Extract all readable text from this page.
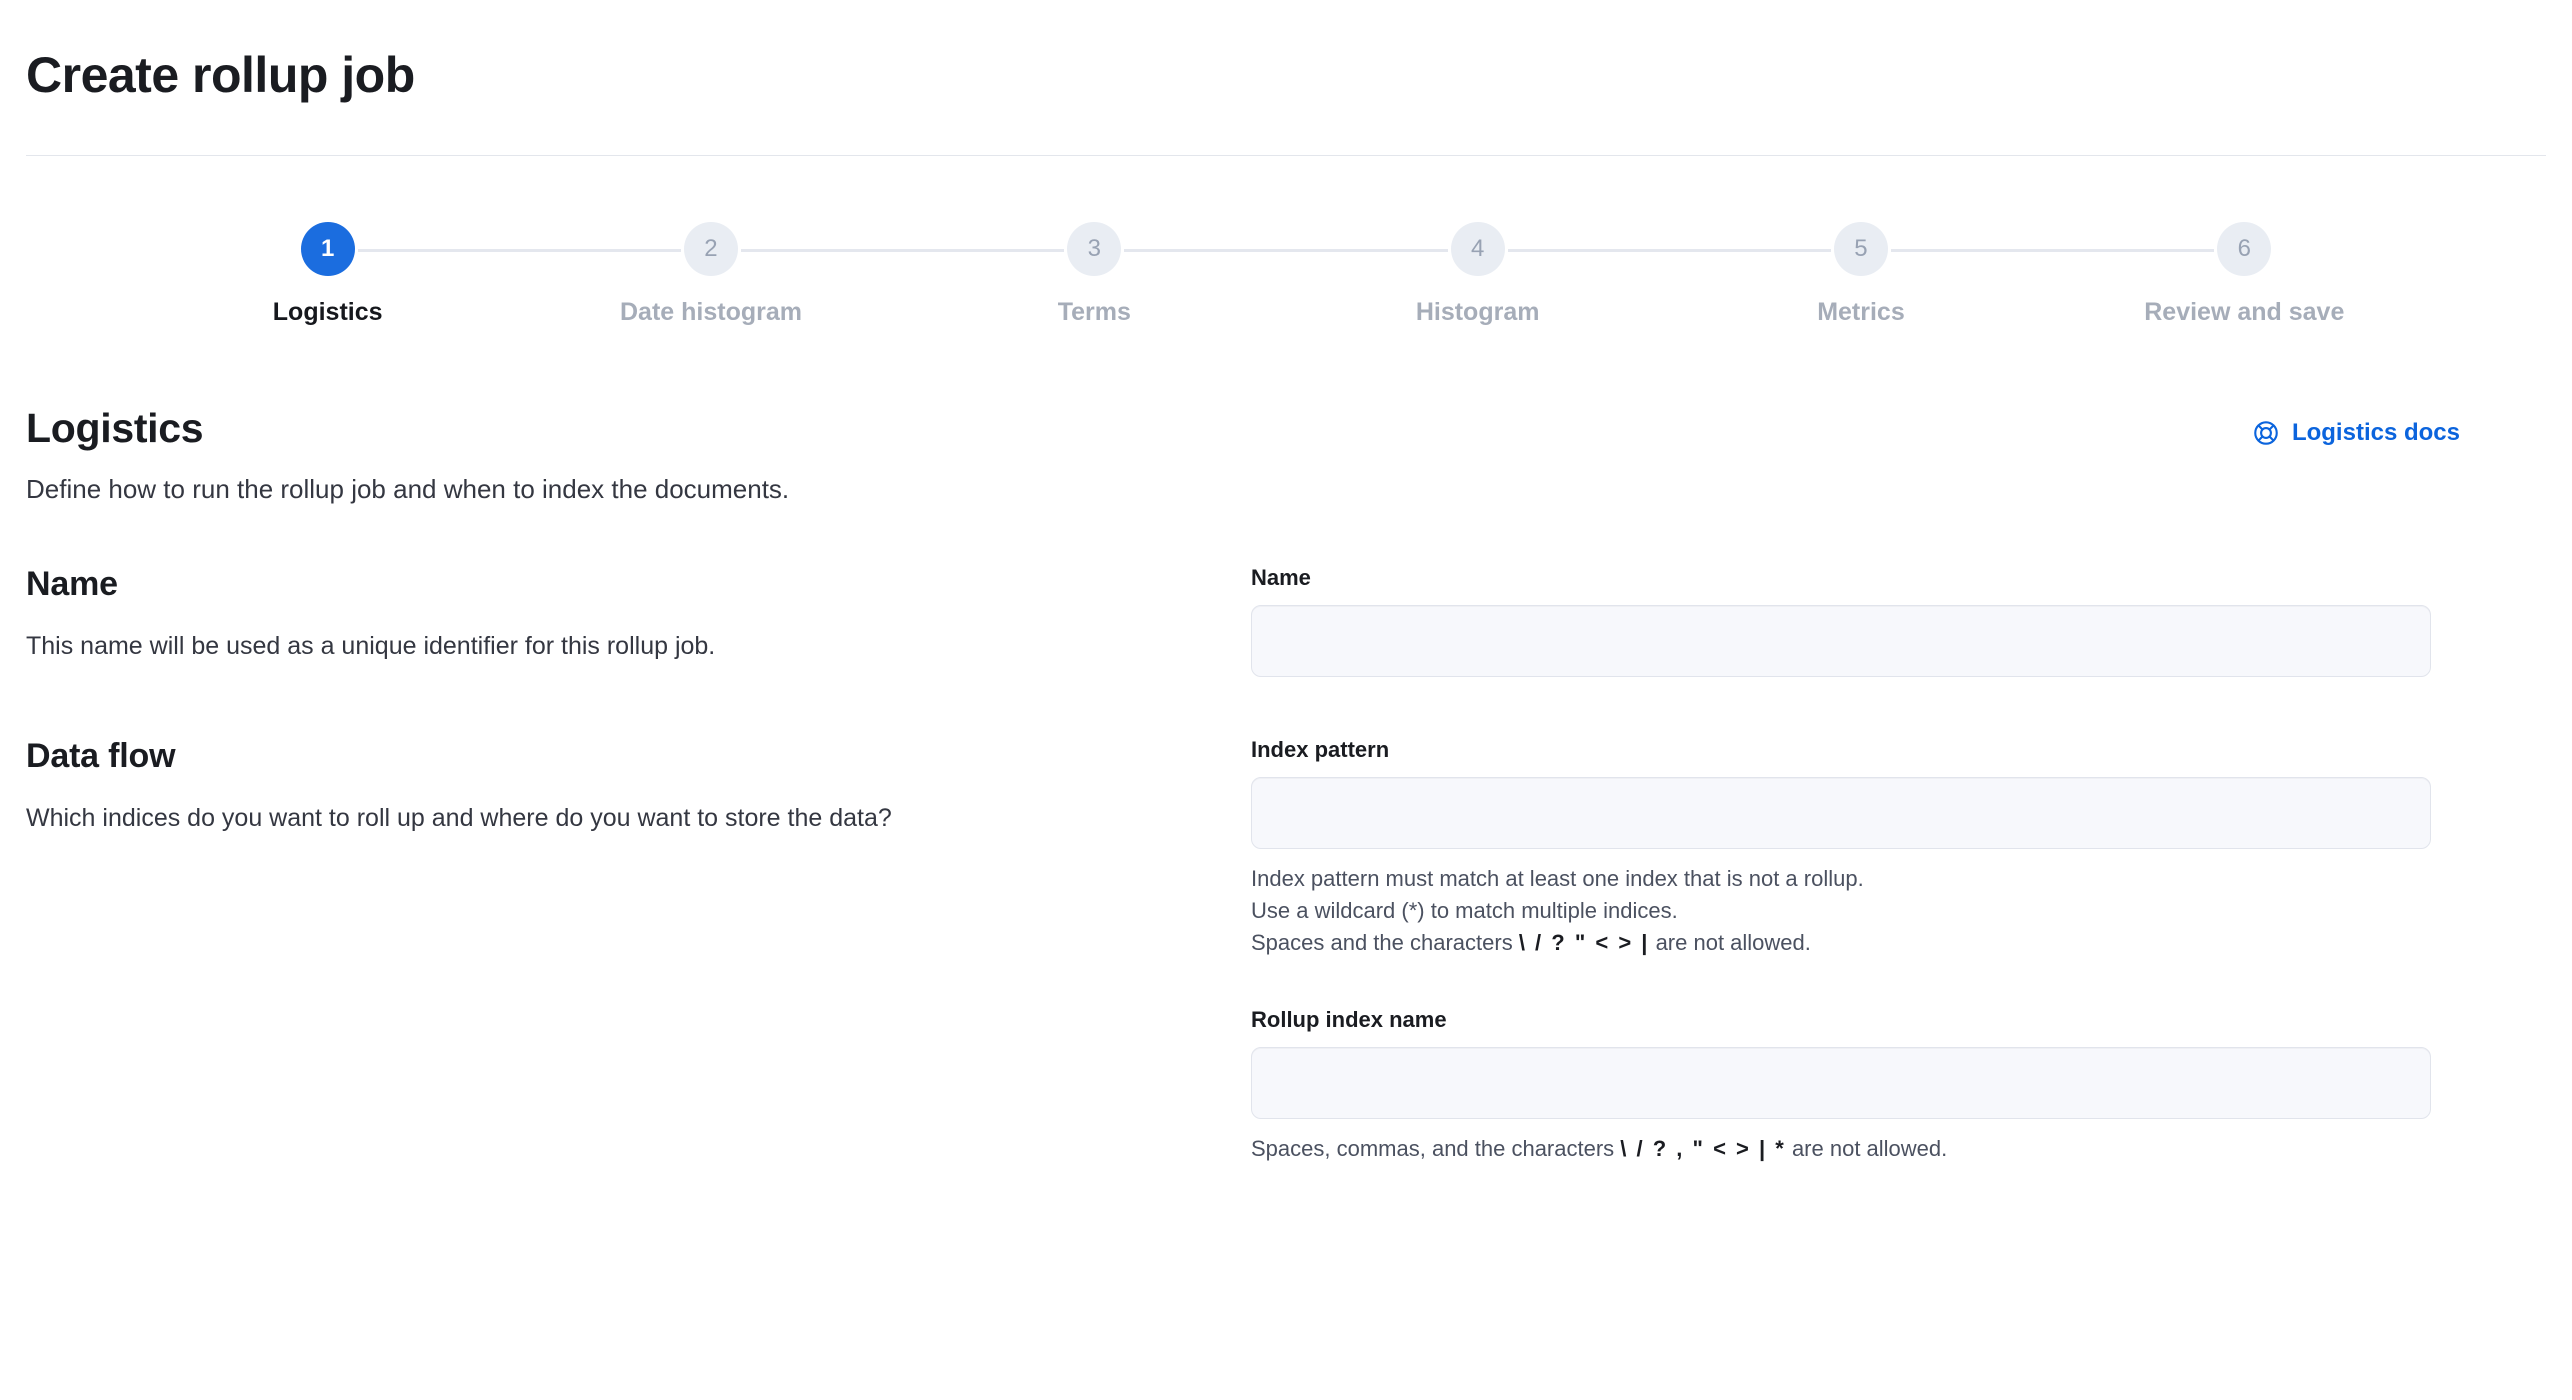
Create rollup job
1
Logistics
2
Date histogram
3
Terms
4
Histogram
5
Metrics
6
Review and save
Logistics
Define how to run the rollup job and when to index the documents.
Logistics docs
Name
This name will be used as a unique identifier for this rollup job.
Name
Data flow
Which indices do you want to roll up and where do you want to store the data?
Index pattern
Index pattern must match at least one index that is not a rollup.
Use a wildcard (*) to match multiple indices.
Spaces and the characters \ / ? " < > | are not allowed.
Rollup index name
Spaces, commas, and the characters \ / ? , " < > | * are not allowed.
